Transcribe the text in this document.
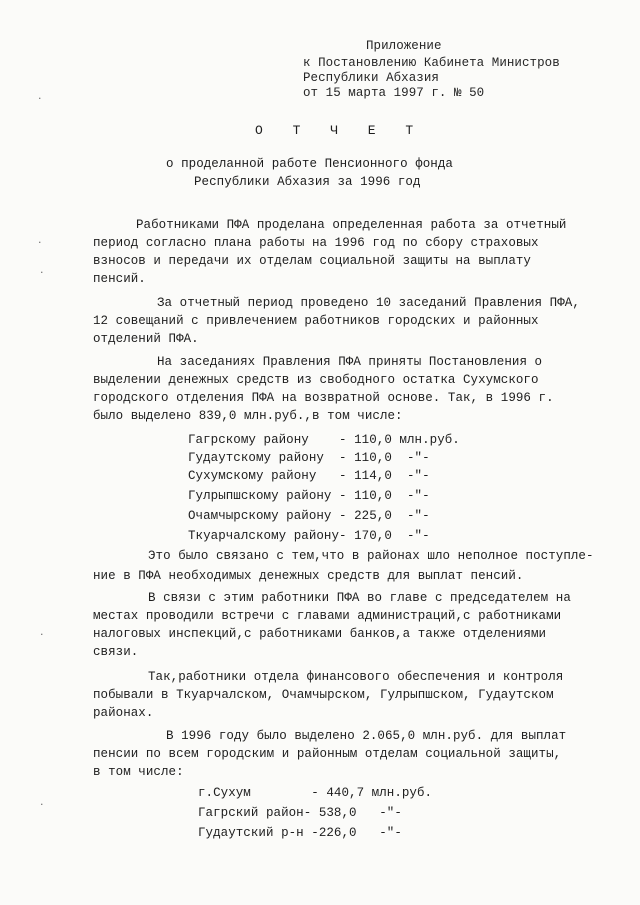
Приложение
к Постановлению Кабинета Министров
Республики Абхазия
от 15 марта 1997 г. № 50
О Т Ч Е Т
о проделанной работе Пенсионного фонда
Республики Абхазия за 1996 год
Работниками ПФА проделана определенная работа за отчетный
период согласно плана работы на 1996 год по сбору страховых
взносов и передачи их отделам социальной защиты на выплату
пенсий.
За отчетный период проведено 10 заседаний Правления ПФА,
12 совещаний с привлечением работников городских и районных
отделений ПФА.
На заседаниях Правления ПФА приняты Постановления о
выделении денежных средств из свободного остатка Сухумского
городского отделения ПФА на возвратной основе. Так, в 1996 г.
было выделено 839,0 млн.руб.,в том числе:
Гагрскому району    - 110,0 млн.руб.
Гудаутскому району  - 110,0  -"-
Сухумскому району   - 114,0  -"-
Гулрыпшскому району - 110,0  -"-
Очамчырскому району - 225,0  -"-
Ткуарчалскому району- 170,0  -"-
Это было связано с тем,что в районах шло неполное поступле-
ние в ПФА необходимых денежных средств для выплат пенсий.
В связи с этим работники ПФА во главе с председателем на
местах проводили встречи с главами администраций,с работниками
налоговых инспекций,с работниками банков,а также отделениями
связи.
Так,работники отдела финансового обеспечения и контроля
побывали в Ткуарчалском, Очамчырском, Гулрыпшском, Гудаутском
районах.
В 1996 году было выделено 2.065,0 млн.руб. для выплат
пенсии по всем городским и районным отделам социальной защиты,
в том числе:
г.Сухум        - 440,7 млн.руб.
Гагрский район- 538,0   -"-
Гудаутский р-н -226,0   -"-
·
·
·
·
·
